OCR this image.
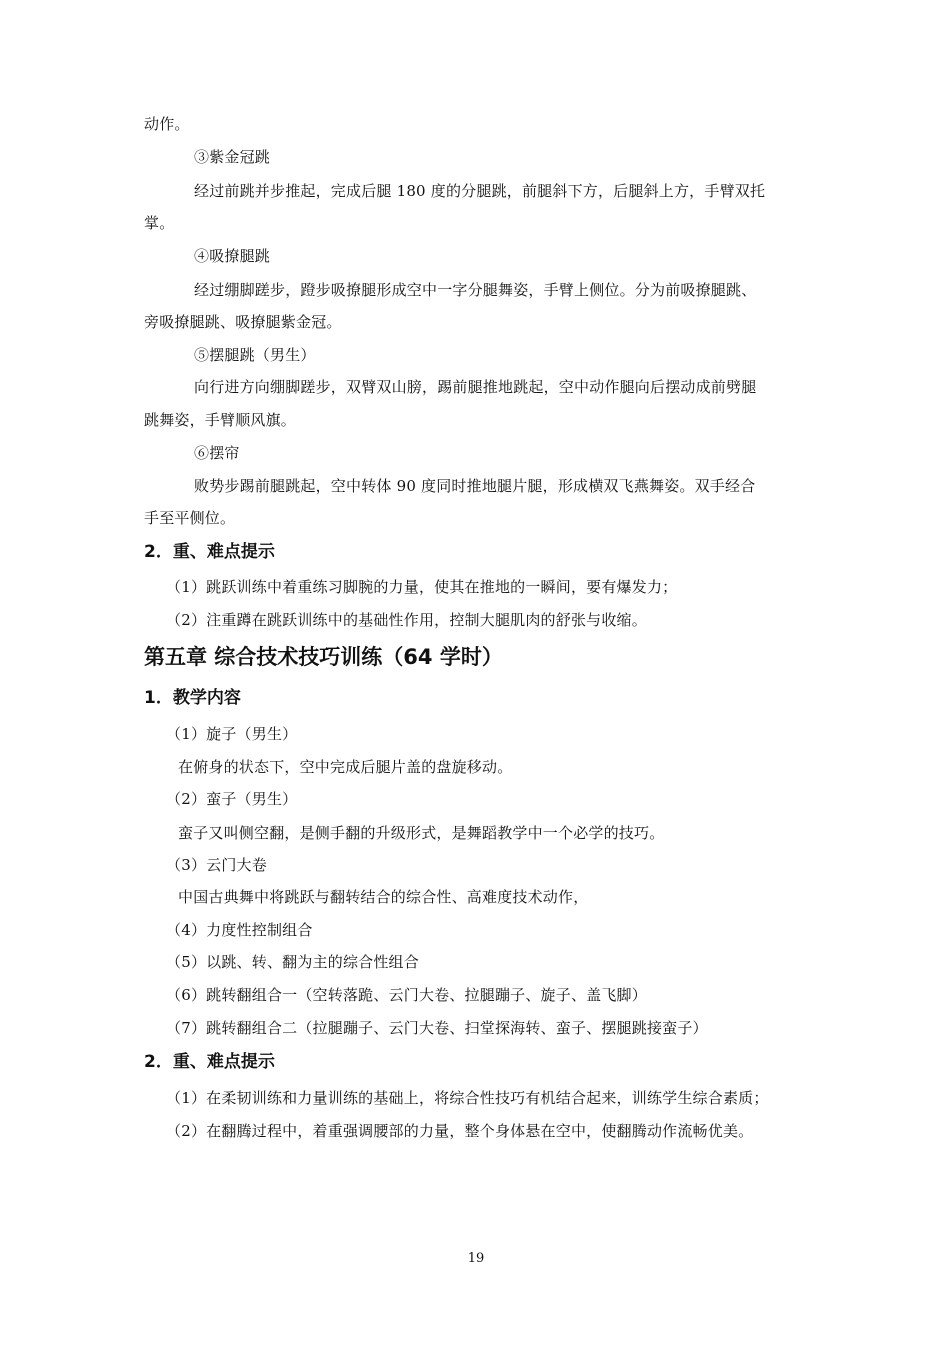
动作。
③紫金冠跳
经过前跳并步推起，完成后腿 180 度的分腿跳，前腿斜下方，后腿斜上方，手臂双托
掌。
④吸撩腿跳
经过绷脚蹉步，蹬步吸撩腿形成空中一字分腿舞姿，手臂上侧位。分为前吸撩腿跳、
旁吸撩腿跳、吸撩腿紫金冠。
⑤摆腿跳（男生）
向行进方向绷脚蹉步，双臂双山膀，踢前腿推地跳起，空中动作腿向后摆动成前劈腿
跳舞姿，手臂顺风旗。
⑥摆帘
败势步踢前腿跳起，空中转体 90 度同时推地腿片腿，形成横双飞燕舞姿。双手经合
手至平侧位。
2．重、难点提示
（1）跳跃训练中着重练习脚腕的力量，使其在推地的一瞬间，要有爆发力；
（2）注重蹲在跳跃训练中的基础性作用，控制大腿肌肉的舒张与收缩。
第五章 综合技术技巧训练（64 学时）
1．教学内容
（1）旋子（男生）
在俯身的状态下，空中完成后腿片盖的盘旋移动。
（2）蛮子（男生）
蛮子又叫侧空翻，是侧手翻的升级形式，是舞蹈教学中一个必学的技巧。
（3）云门大卷
中国古典舞中将跳跃与翻转结合的综合性、高难度技术动作，
（4）力度性控制组合
（5）以跳、转、翻为主的综合性组合
（6）跳转翻组合一（空转落跪、云门大卷、拉腿蹦子、旋子、盖飞脚）
（7）跳转翻组合二（拉腿蹦子、云门大卷、扫堂探海转、蛮子、摆腿跳接蛮子）
2．重、难点提示
（1）在柔韧训练和力量训练的基础上，将综合性技巧有机结合起来，训练学生综合素质；
（2）在翻腾过程中，着重强调腰部的力量，整个身体悬在空中，使翻腾动作流畅优美。
19
